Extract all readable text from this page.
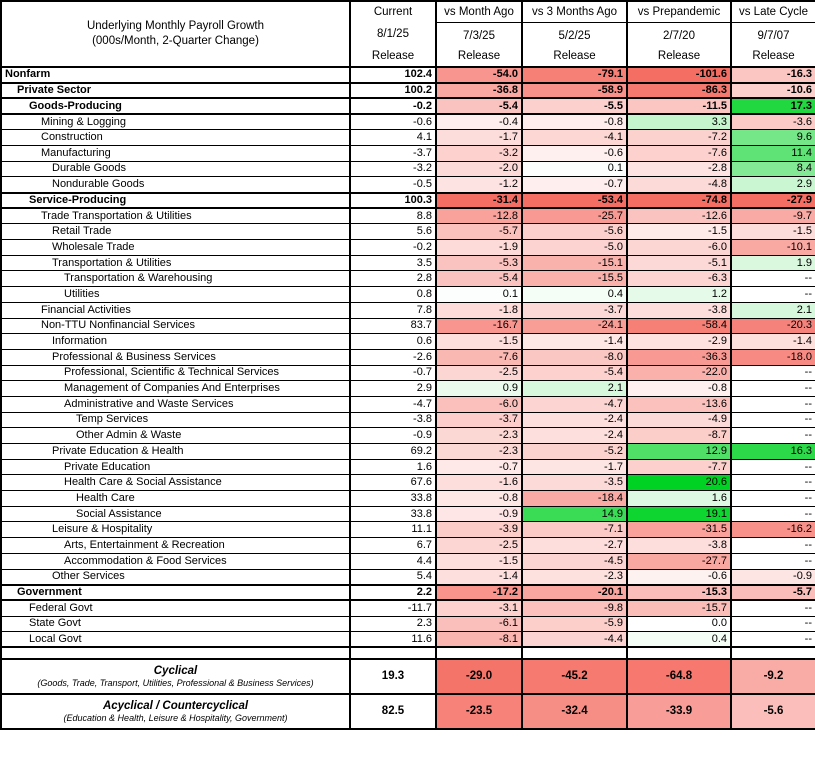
Underlying Monthly Payroll Growth
(000s/Month, 2-Quarter Change)

Current
8/1/25
Release

vs Month Ago
7/3/25
Release

vs 3 Months Ago
5/2/25
Release

vs Prepandemic
2/7/20
Release

vs Late Cycle
9/7/07
Release

Nonfarm	102.4	-54.0	-79.1	-101.6	-16.3
Private Sector	100.2	-36.8	-58.9	-86.3	-10.6
Goods-Producing	-0.2	-5.4	-5.5	-11.5	17.3
Mining & Logging	-0.6	-0.4	-0.8	3.3	-3.6
Construction	4.1	-1.7	-4.1	-7.2	9.6
Manufacturing	-3.7	-3.2	-0.6	-7.6	11.4
Durable Goods	-3.2	-2.0	0.1	-2.8	8.4
Nondurable Goods	-0.5	-1.2	-0.7	-4.8	2.9
Service-Producing	100.3	-31.4	-53.4	-74.8	-27.9
Trade Transportation & Utilities	8.8	-12.8	-25.7	-12.6	-9.7
Retail Trade	5.6	-5.7	-5.6	-1.5	-1.5
Wholesale Trade	-0.2	-1.9	-5.0	-6.0	-10.1
Transportation & Utilities	3.5	-5.3	-15.1	-5.1	1.9
Transportation & Warehousing	2.8	-5.4	-15.5	-6.3	--
Utilities	0.8	0.1	0.4	1.2	--
Financial Activities	7.8	-1.8	-3.7	-3.8	2.1
Non-TTU Nonfinancial Services	83.7	-16.7	-24.1	-58.4	-20.3
Information	0.6	-1.5	-1.4	-2.9	-1.4
Professional & Business Services	-2.6	-7.6	-8.0	-36.3	-18.0
Professional, Scientific & Technical Services	-0.7	-2.5	-5.4	-22.0	--
Management of Companies And Enterprises	2.9	0.9	2.1	-0.8	--
Administrative and Waste Services	-4.7	-6.0	-4.7	-13.6	--
Temp Services	-3.8	-3.7	-2.4	-4.9	--
Other Admin & Waste	-0.9	-2.3	-2.4	-8.7	--
Private Education & Health	69.2	-2.3	-5.2	12.9	16.3
Private Education	1.6	-0.7	-1.7	-7.7	--
Health Care & Social Assistance	67.6	-1.6	-3.5	20.6	--
Health Care	33.8	-0.8	-18.4	1.6	--
Social Assistance	33.8	-0.9	14.9	19.1	--
Leisure & Hospitality	11.1	-3.9	-7.1	-31.5	-16.2
Arts, Entertainment & Recreation	6.7	-2.5	-2.7	-3.8	--
Accommodation & Food Services	4.4	-1.5	-4.5	-27.7	--
Other Services	5.4	-1.4	-2.3	-0.6	-0.9
Government	2.2	-17.2	-20.1	-15.3	-5.7
Federal Govt	-11.7	-3.1	-9.8	-15.7	--
State Govt	2.3	-6.1	-5.9	0.0	--
Local Govt	11.6	-8.1	-4.4	0.4	--

Cyclical
(Goods, Trade, Transport, Utilities, Professional & Business Services)	19.3	-29.0	-45.2	-64.8	-9.2

Acyclical / Countercyclical
(Education & Health, Leisure & Hospitality, Government)	82.5	-23.5	-32.4	-33.9	-5.6
